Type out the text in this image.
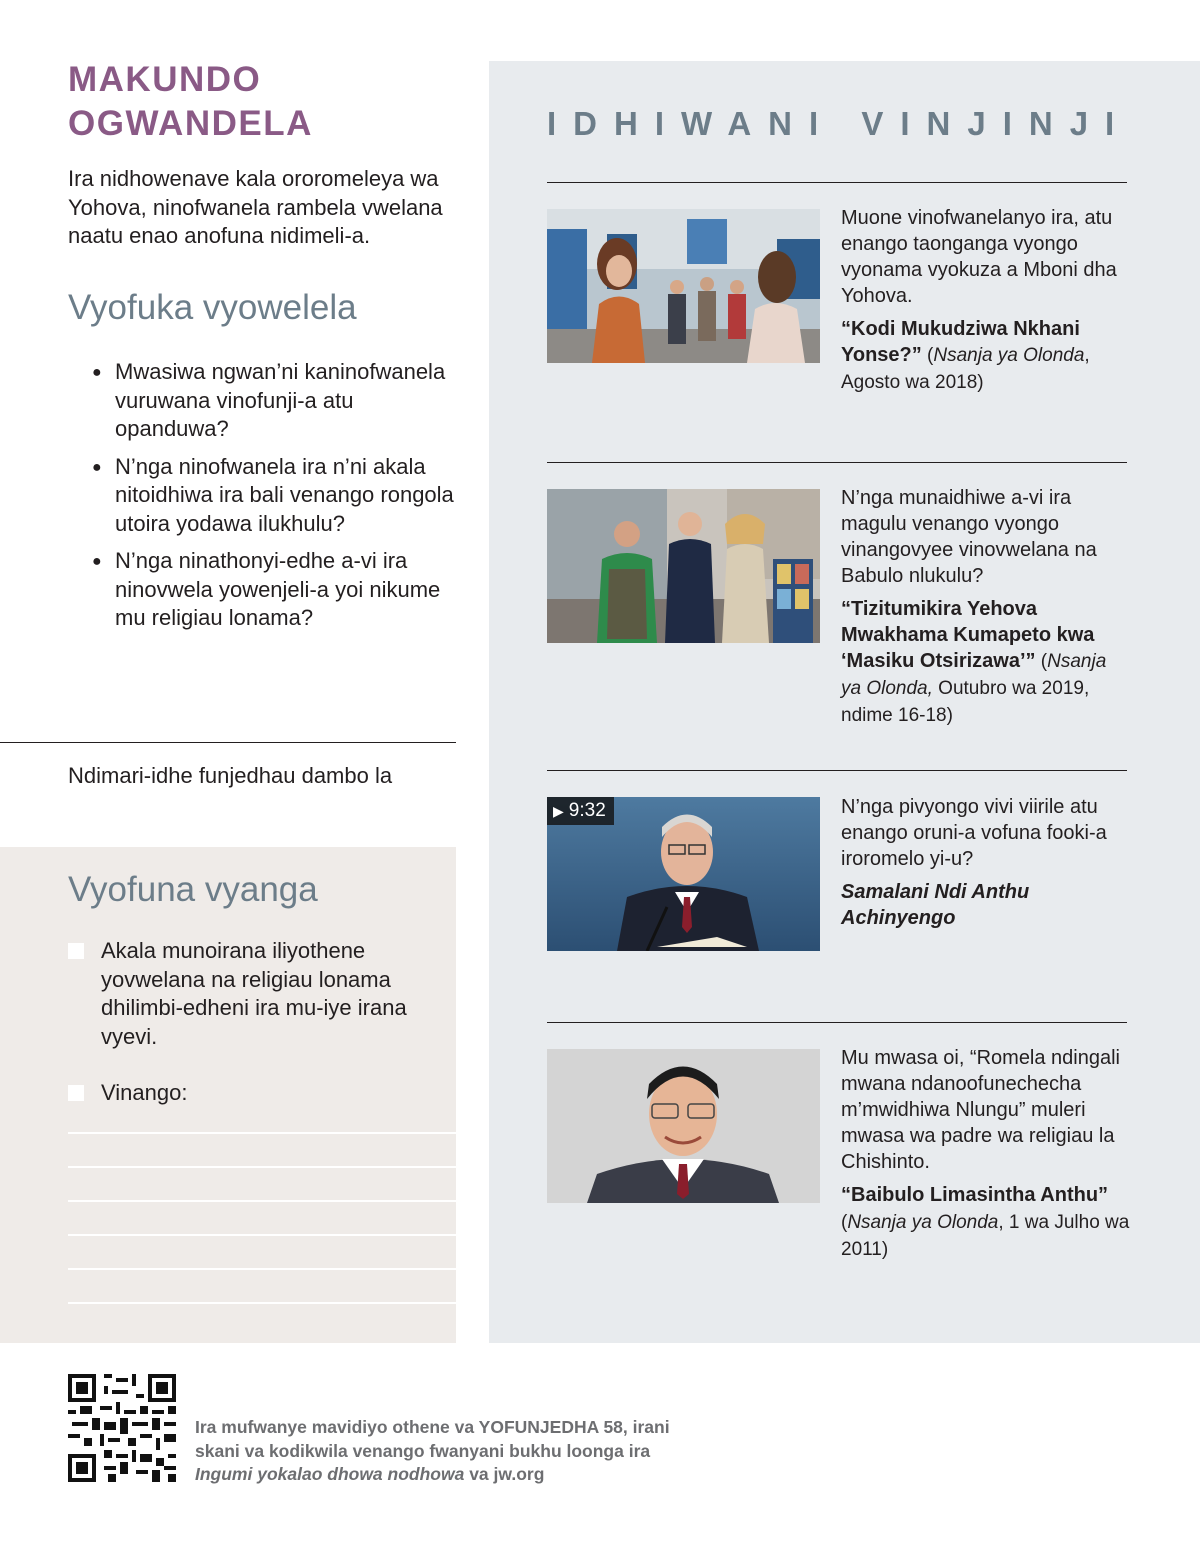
MAKUNDO OGWANDELA

Ira nidhowenave kala ororomeleya wa Yohova, ninofwanela rambela vwelana naatu enao anofuna nidimeli-a.

Vyofuka vyowelela
● Mwasiwa ngwan’ni kaninofwanela vuruwana vinofunji-a atu opanduwa?
● N’nga ninofwanela ira n’ni akala nitoidhiwa ira bali venango rongola utoira yodawa ilukhulu?
● N’nga ninathonyi-edhe a-vi ira ninovwela yowenjeli-a yoi nikume mu religiau lonama?

Ndimari-idhe funjedhau dambo la

Vyofuna vyanga
Akala munoirana iliyothene yovwelana na religiau lonama dhilimbi-edheni ira mu-iye irana vyevi.
Vinango:
IDHIWANI VINJINJI
Muone vinofwanelanyo ira, atu enango taonganga vyongo vyonama vyokuza a Mboni dha Yohova.
“Kodi Mukudziwa Nkhani Yonse?” (Nsanja ya Olonda, Agosto wa 2018)
N’nga munaidhiwe a-vi ira magulu venango vyongo vinangovyee vinovwelana na Babulo nlukulu?
“Tizitumikira Yehova Mwakhama Kumapeto kwa ‘Masiku Otsirizawa’” (Nsanja ya Olonda, Outubro wa 2019, ndime 16-18)
▶ 9:32	N’nga pivyongo vivi viirile atu enango oruni-a vofuna fooki-a iroromelo yi-u?
Samalani Ndi Anthu Achinyengo
Mu mwasa oi, “Romela ndingali mwana ndanoofunechecha m’mwidhiwa Nlungu” muleri mwasa wa padre wa religiau la Chishinto.
“Baibulo Limasintha Anthu” (Nsanja ya Olonda, 1 wa Julho wa 2011)

Ira mufwanye mavidiyo othene va YOFUNJEDHA 58, irani skani va kodikwila venango fwanyani bukhu loonga ira Ingumi yokalao dhowa nodhowa va jw.org
